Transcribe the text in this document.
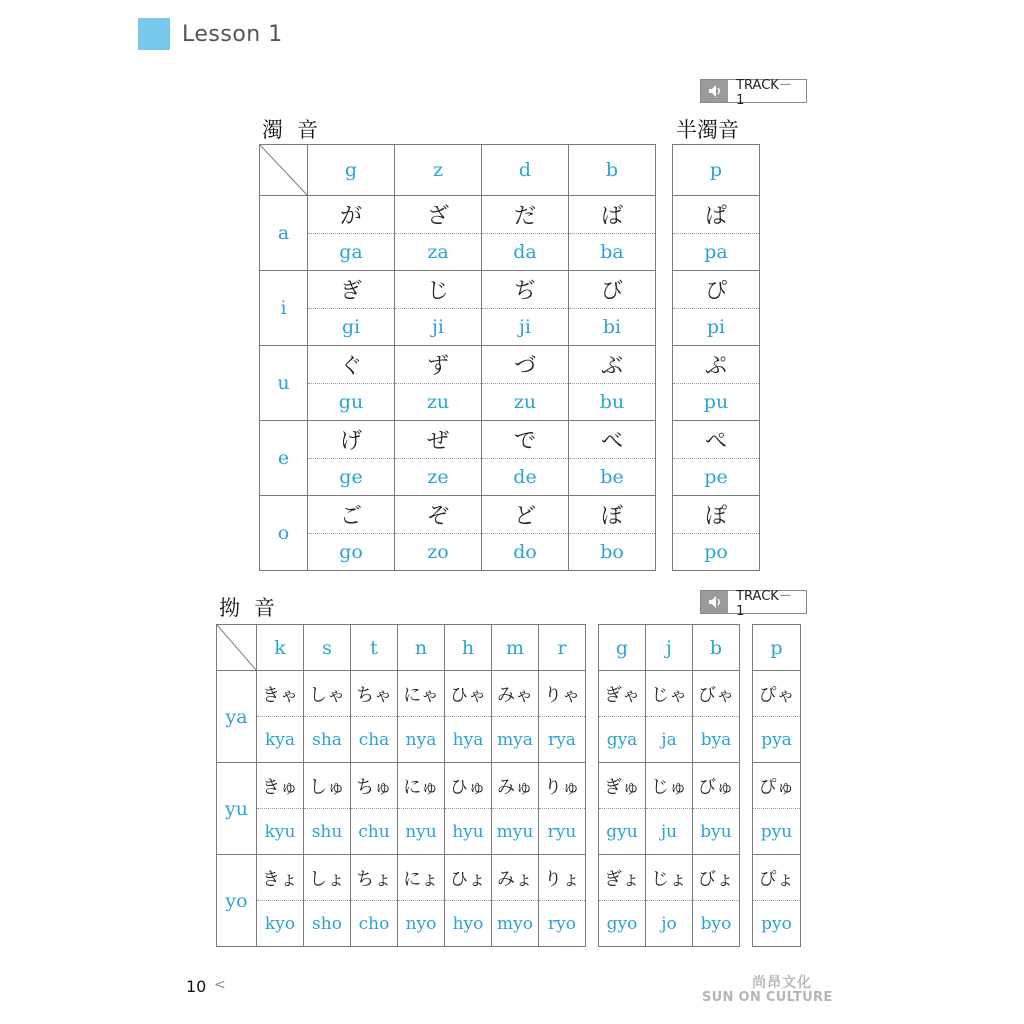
Lesson 1
TRACK－1
TRACK－1
濁音	半濁音
拗音
	g	z	d	b
a	が	ざ	だ	ば
	ga	za	da	ba
i	ぎ	じ	ぢ	び
	gi	ji	ji	bi
u	ぐ	ず	づ	ぶ
	gu	zu	zu	bu
e	げ	ぜ	で	べ
	ge	ze	de	be
o	ご	ぞ	ど	ぼ
	go	zo	do	bo
p
ぱ
pa
ぴ
pi
ぷ
pu
ぺ
pe
ぽ
po
	k	s	t	n	h	m	r
ya	きゃ	しゃ	ちゃ	にゃ	ひゃ	みゃ	りゃ
	kya	sha	cha	nya	hya	mya	rya
yu	きゅ	しゅ	ちゅ	にゅ	ひゅ	みゅ	りゅ
	kyu	shu	chu	nyu	hyu	myu	ryu
yo	きょ	しょ	ちょ	にょ	ひょ	みょ	りょ
	kyo	sho	cho	nyo	hyo	myo	ryo
g	j	b
ぎゃ	じゃ	びゃ
gya	ja	bya
ぎゅ	じゅ	びゅ
gyu	ju	byu
ぎょ	じょ	びょ
gyo	jo	byo
p
ぴゃ
pya
ぴゅ
pyu
ぴょ
pyo
10 <	尚昂文化
SUN ON CULTURE
